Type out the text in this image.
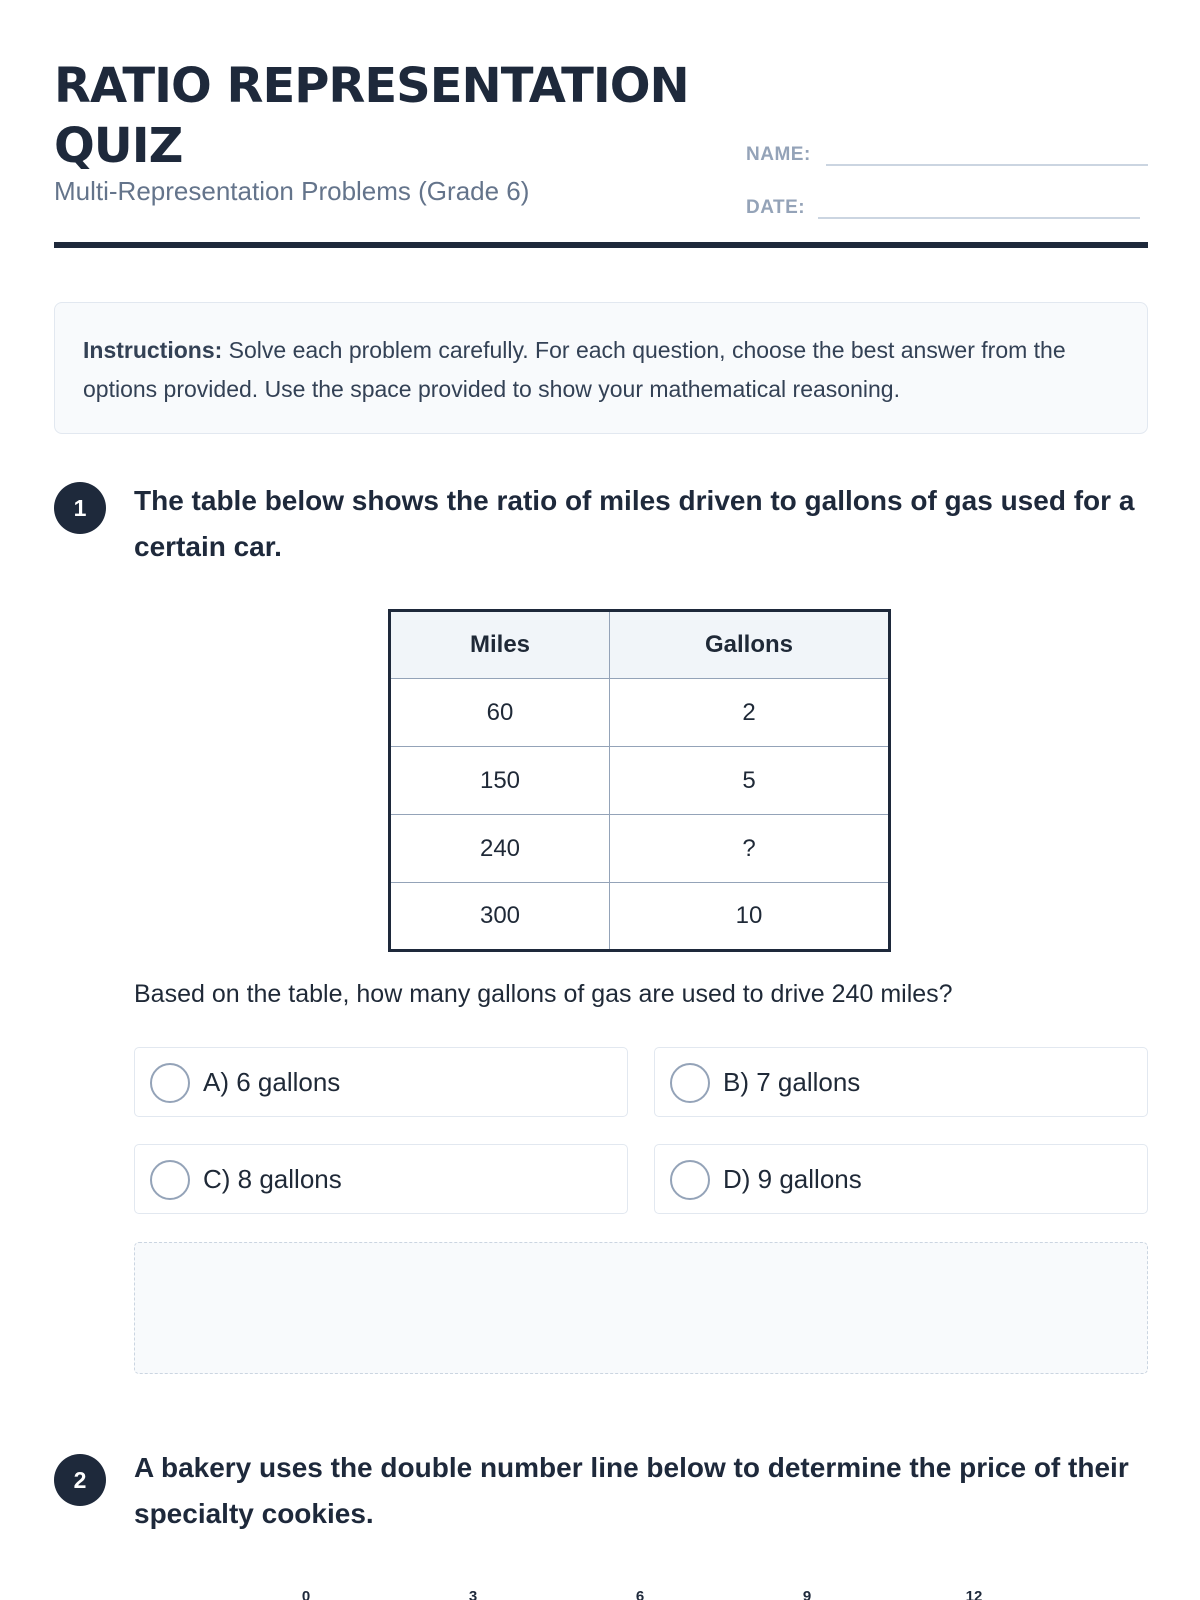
RATIO REPRESENTATION QUIZ
Multi-Representation Problems (Grade 6)
NAME:
DATE:
Instructions: Solve each problem carefully. For each question, choose the best answer from the options provided. Use the space provided to show your mathematical reasoning.
1	The table below shows the ratio of miles driven to gallons of gas used for a certain car.
Miles	Gallons
60	2
150	5
240	?
300	10
Based on the table, how many gallons of gas are used to drive 240 miles?
A) 6 gallons	B) 7 gallons
C) 8 gallons	D) 9 gallons
2	A bakery uses the double number line below to determine the price of their specialty cookies.
0	3	6	9	12
